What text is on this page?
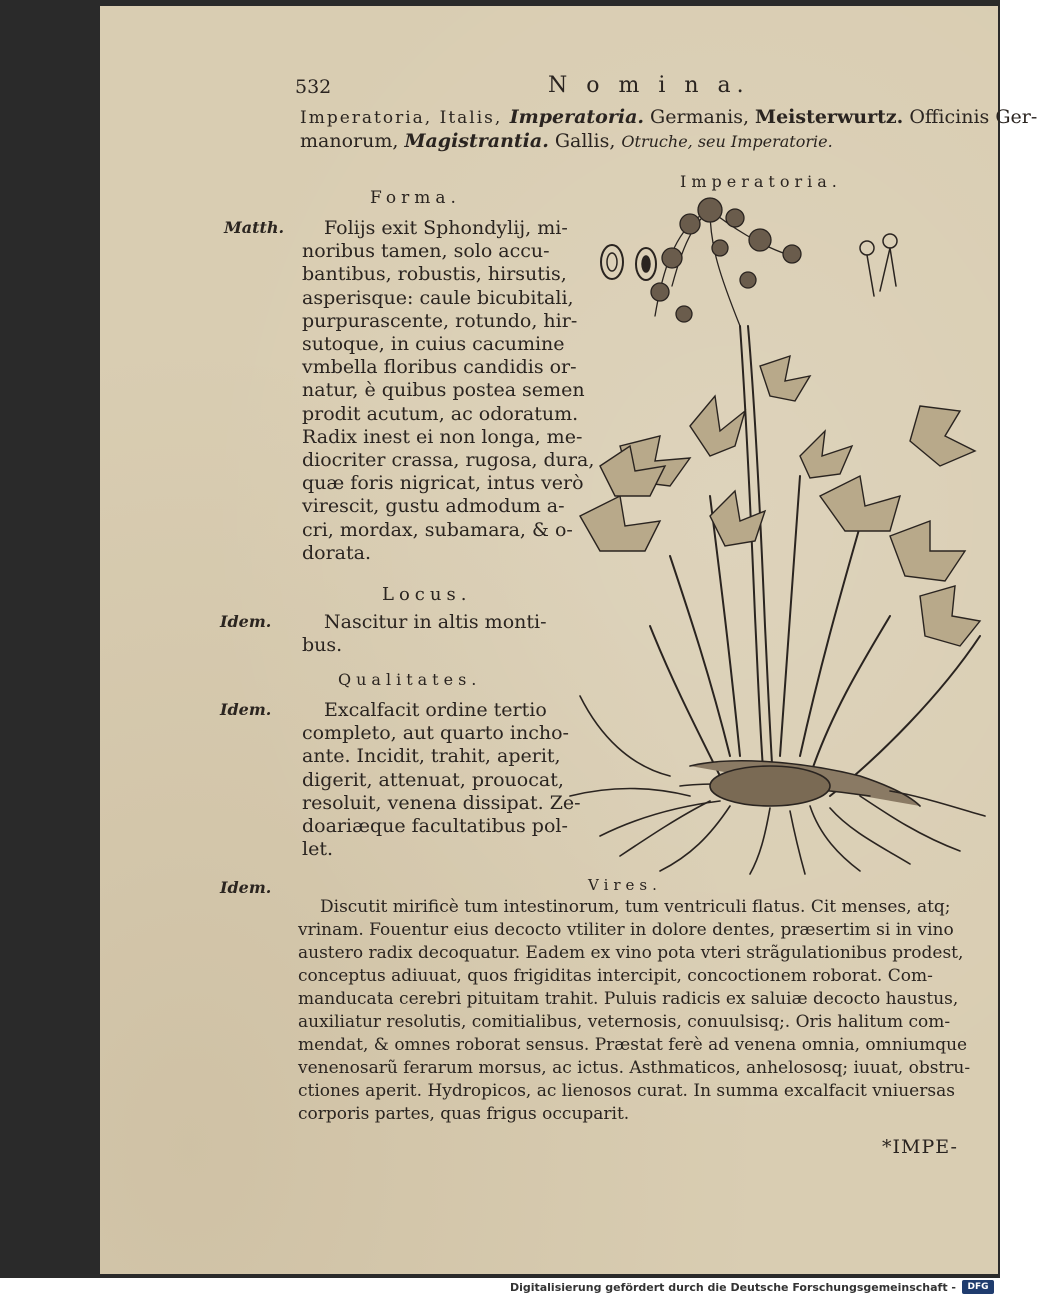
532	N o m i n a.
Imperatoria, Italis, Imperatoria. Germanis, Meisterwurtz. Officinis Ger-
manorum, Magistrantia. Gallis, Otruche, seu Imperatorie.
Imperatoria.
Forma.
Matth.	Folijs exit Sphondylij, mi-
noribus tamen, solo accu-
bantibus, robustis, hirsutis,
asperisque: caule bicubitali,
purpurascente, rotundo, hir-
sutoque, in cuius cacumine
vmbella floribus candidis or-
natur, è quibus postea semen
prodit acutum, ac odoratum.
Radix inest ei non longa, me-
diocriter crassa, rugosa, dura,
quæ foris nigricat, intus verò
virescit, gustu admodum a-
cri, mordax, subamara, & o-
dorata.
Locus.
Idem.	Nascitur in altis monti-
bus.
Qualitates.
Idem.	Excalfacit ordine tertio
completo, aut quarto incho-
ante. Incidit, trahit, aperit,
digerit, attenuat, prouocat,
resoluit, venena dissipat. Ze-
doariæque facultatibus pol-
let.
Vires.
Idem.
Discutit mirificè tum intestinorum, tum ventriculi flatus. Cit menses, atq;
vrinam. Fouentur eius decocto vtiliter in dolore dentes, præsertim si in vino
austero radix decoquatur. Eadem ex vino pota vteri strãgulationibus prodest,
conceptus adiuuat, quos frigiditas intercipit, concoctionem roborat. Com-
manducata cerebri pituitam trahit. Puluis radicis ex saluiæ decocto haustus,
auxiliatur resolutis, comitialibus, veternosis, conuulsisq;. Oris halitum com-
mendat, & omnes roborat sensus. Præstat ferè ad venena omnia, omniumque
venenosarũ ferarum morsus, ac ictus. Asthmaticos, anhelososq; iuuat, obstru-
ctiones aperit. Hydropicos, ac lienosos curat. In summa excalfacit vniuersas
corporis partes, quas frigus occuparit.
*IMPE-
Digitalisierung gefördert durch die Deutsche Forschungsgemeinschaft -	DFG
